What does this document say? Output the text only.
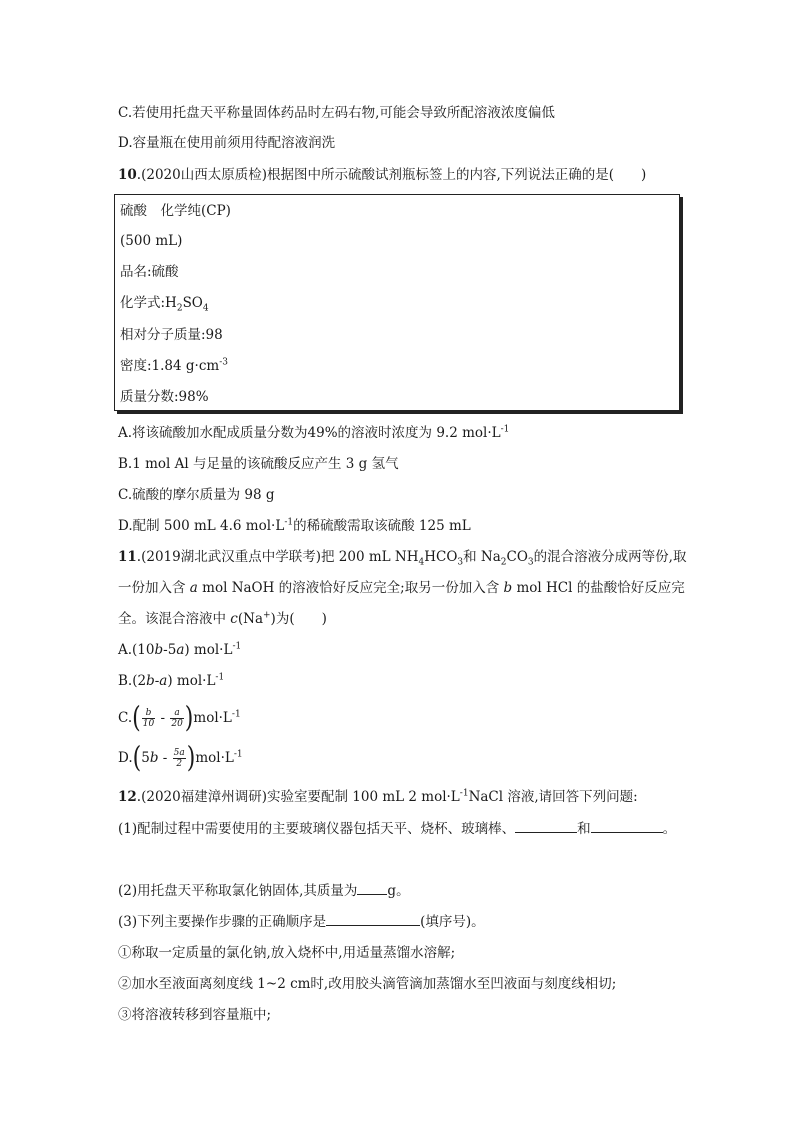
C.若使用托盘天平称量固体药品时左码右物,可能会导致所配溶液浓度偏低
D.容量瓶在使用前须用待配溶液润洗
10.(2020山西太原质检)根据图中所示硫酸试剂瓶标签上的内容,下列说法正确的是(　　)
硫酸　化学纯(CP)
(500 mL)
品名:硫酸
化学式$:H_2SO_4$
相对分子质量:98
密度:1.84 $g\cdot cm^{-3}$
质量分数:98%
A.将该硫酸加水配成质量分数为49%的溶液时浓度为 9.2 $mol\cdot L^{-1}$
B.1 mol Al 与足量的该硫酸反应产生 3 g 氢气
C.硫酸的摩尔质量为 98 g
D.配制 500 mL 4.6 $mol\cdot L^{-1}$的稀硫酸需取该硫酸 125 mL
11.(2019湖北武汉重点中学联考)把 200 mL $NH_4HCO_3$和 $Na_2CO_3$的混合溶液分成两等份,取
一份加入含 a mol NaOH 的溶液恰好反应完全;取另一份加入含 b mol HCl 的盐酸恰好反应完
全。该混合溶液中 c(Na+)为(　　)
A.(10b-5a) $mol\cdot L^{-1}$
B.(2b-a) $mol\cdot L^{-1}$
$C.( \frac{b}{10} - \frac{a}{20} )mol\cdot L^{-1}$
$D.(5b - \frac{5a}{2} )mol\cdot L^{-1}$
12.(2020福建漳州调研)实验室要配制 100 mL 2 $mol\cdot L^{-1}NaCl$ 溶液,请回答下列问题:
(1)配制过程中需要使用的主要玻璃仪器包括天平、烧杯、玻璃棒、	和	。
(2)用托盘天平称取氯化钠固体,其质量为 g。
(3)下列主要操作步骤的正确顺序是	(填序号)。
①称取一定质量的氯化钠,放入烧杯中,用适量蒸馏水溶解;
②加水至液面离刻度线 1~2 cm时,改用胶头滴管滴加蒸馏水至凹液面与刻度线相切;
③将溶液转移到容量瓶中;
